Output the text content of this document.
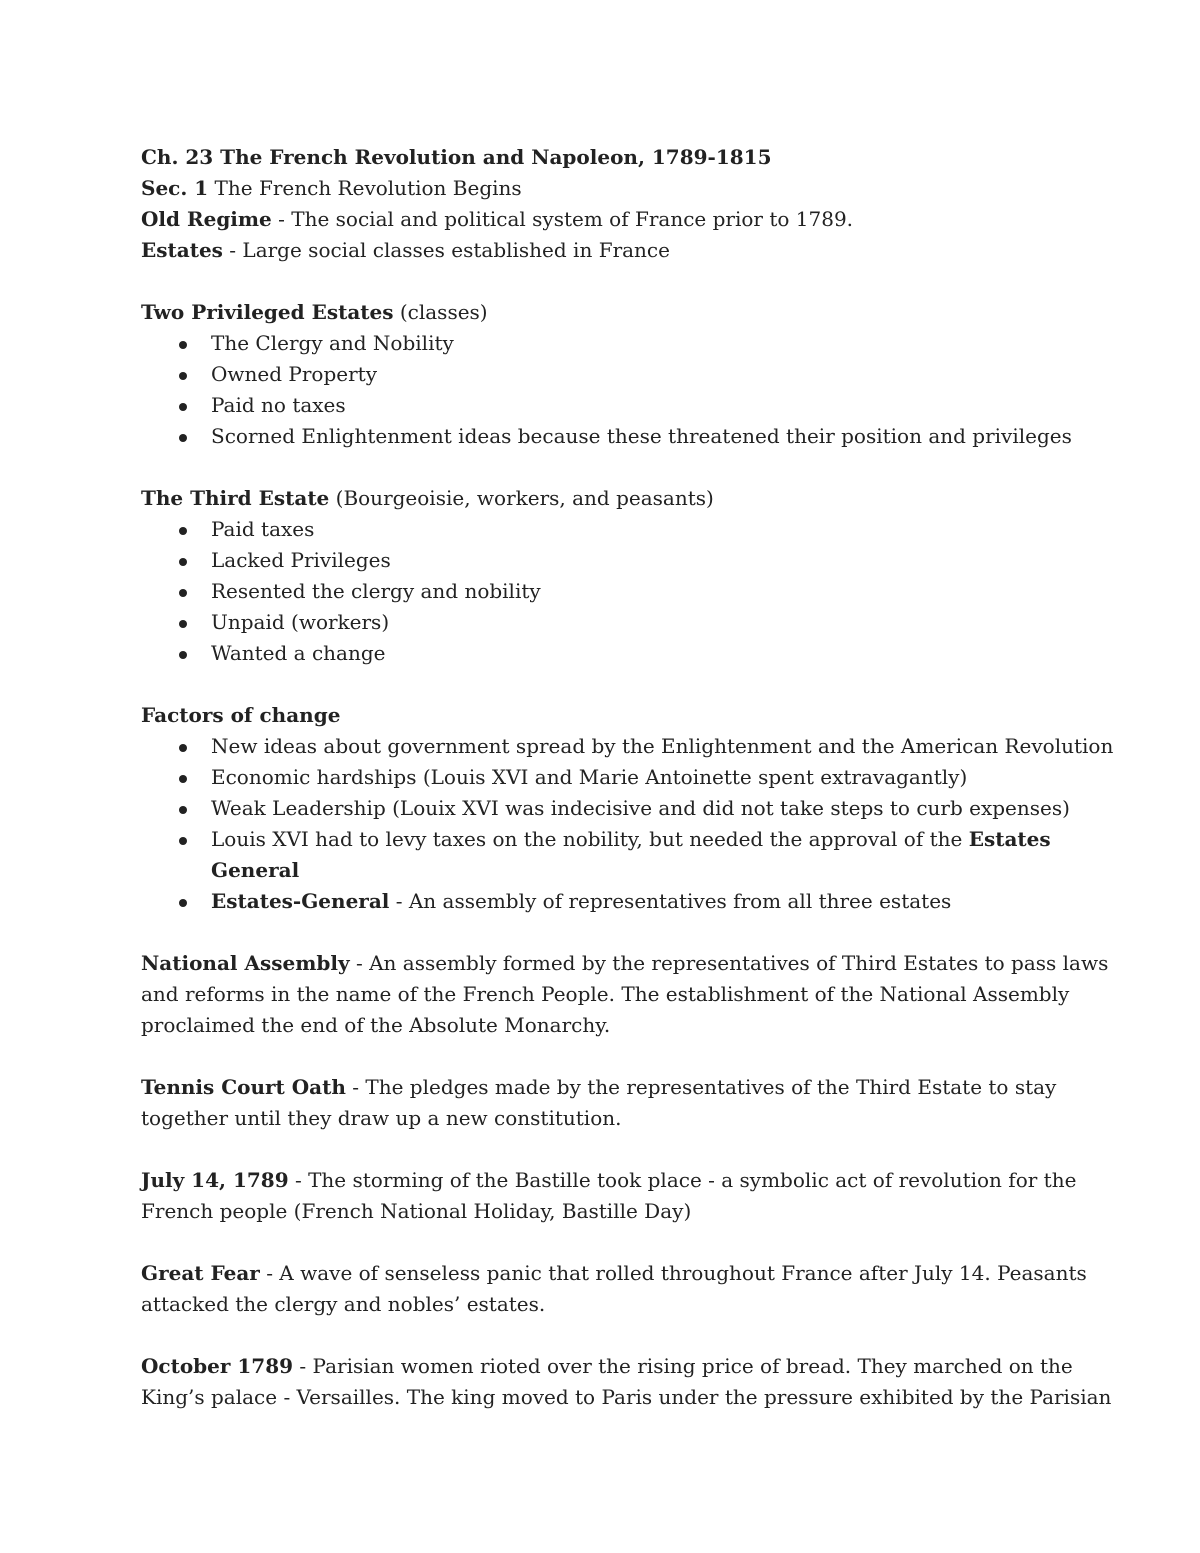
Ch. 23 The French Revolution and Napoleon, 1789-1815
Sec. 1 The French Revolution Begins
Old Regime - The social and political system of France prior to 1789.
Estates - Large social classes established in France
Two Privileged Estates (classes)
The Clergy and Nobility
Owned Property
Paid no taxes
Scorned Enlightenment ideas because these threatened their position and privileges
The Third Estate (Bourgeoisie, workers, and peasants)
Paid taxes
Lacked Privileges
Resented the clergy and nobility
Unpaid (workers)
Wanted a change
Factors of change
New ideas about government spread by the Enlightenment and the American Revolution
Economic hardships (Louis XVI and Marie Antoinette spent extravagantly)
Weak Leadership (Louix XVI was indecisive and did not take steps to curb expenses)
Louis XVI had to levy taxes on the nobility, but needed the approval of the Estates
General
Estates-General - An assembly of representatives from all three estates
National Assembly - An assembly formed by the representatives of Third Estates to pass laws
and reforms in the name of the French People. The establishment of the National Assembly
proclaimed the end of the Absolute Monarchy.
Tennis Court Oath - The pledges made by the representatives of the Third Estate to stay
together until they draw up a new constitution.
July 14, 1789 - The storming of the Bastille took place - a symbolic act of revolution for the
French people (French National Holiday, Bastille Day)
Great Fear - A wave of senseless panic that rolled throughout France after July 14. Peasants
attacked the clergy and nobles’ estates.
October 1789 - Parisian women rioted over the rising price of bread. They marched on the
King’s palace - Versailles. The king moved to Paris under the pressure exhibited by the Parisian
